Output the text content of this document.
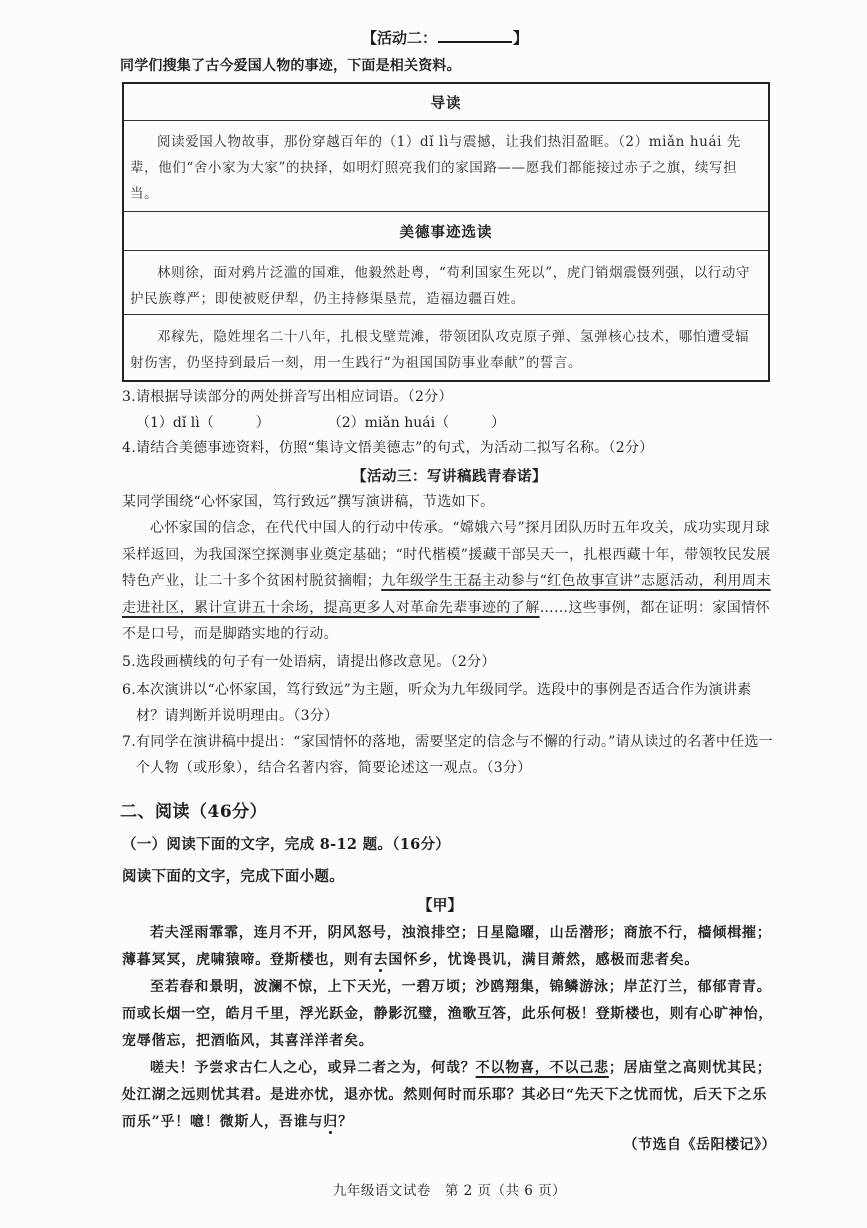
【活动二：	】
同学们搜集了古今爱国人物的事迹，下面是相关资料。
导读
阅读爱国人物故事，那份穿越百年的（1）dǐ lì与震撼，让我们热泪盈眶。（2）miǎn huái 先辈，他们“舍小家为大家”的抉择，如明灯照亮我们的家国路——愿我们都能接过赤子之旗，续写担当。
美德事迹选读
林则徐，面对鸦片泛滥的国难，他毅然赴粤，“苟利国家生死以”，虎门销烟震慑列强，以行动守护民族尊严；即使被贬伊犁，仍主持修渠垦荒，造福边疆百姓。
邓稼先，隐姓埋名二十八年，扎根戈壁荒滩，带领团队攻克原子弹、氢弹核心技术，哪怕遭受辐射伤害，仍坚持到最后一刻，用一生践行“为祖国国防事业奉献”的誓言。
3.请根据导读部分的两处拼音写出相应词语。（2分）
（1）dǐ lì（　　　）	（2）miǎn huái（　　　）
4.请结合美德事迹资料，仿照“集诗文悟美德志”的句式，为活动二拟写名称。（2分）
【活动三：写讲稿践青春诺】
某同学围绕“心怀家国，笃行致远”撰写演讲稿，节选如下。
心怀家国的信念，在代代中国人的行动中传承。“嫦娥六号”探月团队历时五年攻关，成功实现月球采样返回，为我国深空探测事业奠定基础；“时代楷模”援藏干部吴天一，扎根西藏十年，带领牧民发展特色产业，让二十多个贫困村脱贫摘帽；九年级学生王磊主动参与“红色故事宣讲”志愿活动，利用周末走进社区，累计宣讲五十余场，提高更多人对革命先辈事迹的了解……这些事例，都在证明：家国情怀不是口号，而是脚踏实地的行动。
5.选段画横线的句子有一处语病，请提出修改意见。（2分）
6.本次演讲以“心怀家国，笃行致远”为主题，听众为九年级同学。选段中的事例是否适合作为演讲素材？请判断并说明理由。（3分）
7.有同学在演讲稿中提出：“家国情怀的落地，需要坚定的信念与不懈的行动。”请从读过的名著中任选一个人物（或形象），结合名著内容，简要论述这一观点。（3分）
二、阅读（46分）
（一）阅读下面的文字，完成 8-12 题。（16分）
阅读下面的文字，完成下面小题。
【甲】

若夫淫雨霏霏，连月不开，阴风怒号，浊浪排空；日星隐曜，山岳潜形；商旅不行，樯倾楫摧；薄暮冥冥，虎啸猿啼。登斯楼也，则有去国怀乡，忧谗畏讥，满目萧然，感极而悲者矣。

至若春和景明，波澜不惊，上下天光，一碧万顷；沙鸥翔集，锦鳞游泳；岸芷汀兰，郁郁青青。而或长烟一空，皓月千里，浮光跃金，静影沉璧，渔歌互答，此乐何极！登斯楼也，则有心旷神怡，宠辱偕忘，把酒临风，其喜洋洋者矣。

嗟夫！予尝求古仁人之心，或异二者之为，何哉？不以物喜，不以己悲；居庙堂之高则忧其民；处江湖之远则忧其君。是进亦忧，退亦忧。然则何时而乐耶？其必曰“先天下之忧而忧，后天下之乐而乐”乎！噫！微斯人，吾谁与归？

（节选自《岳阳楼记》）
九年级语文试卷　第 2 页（共 6 页）
